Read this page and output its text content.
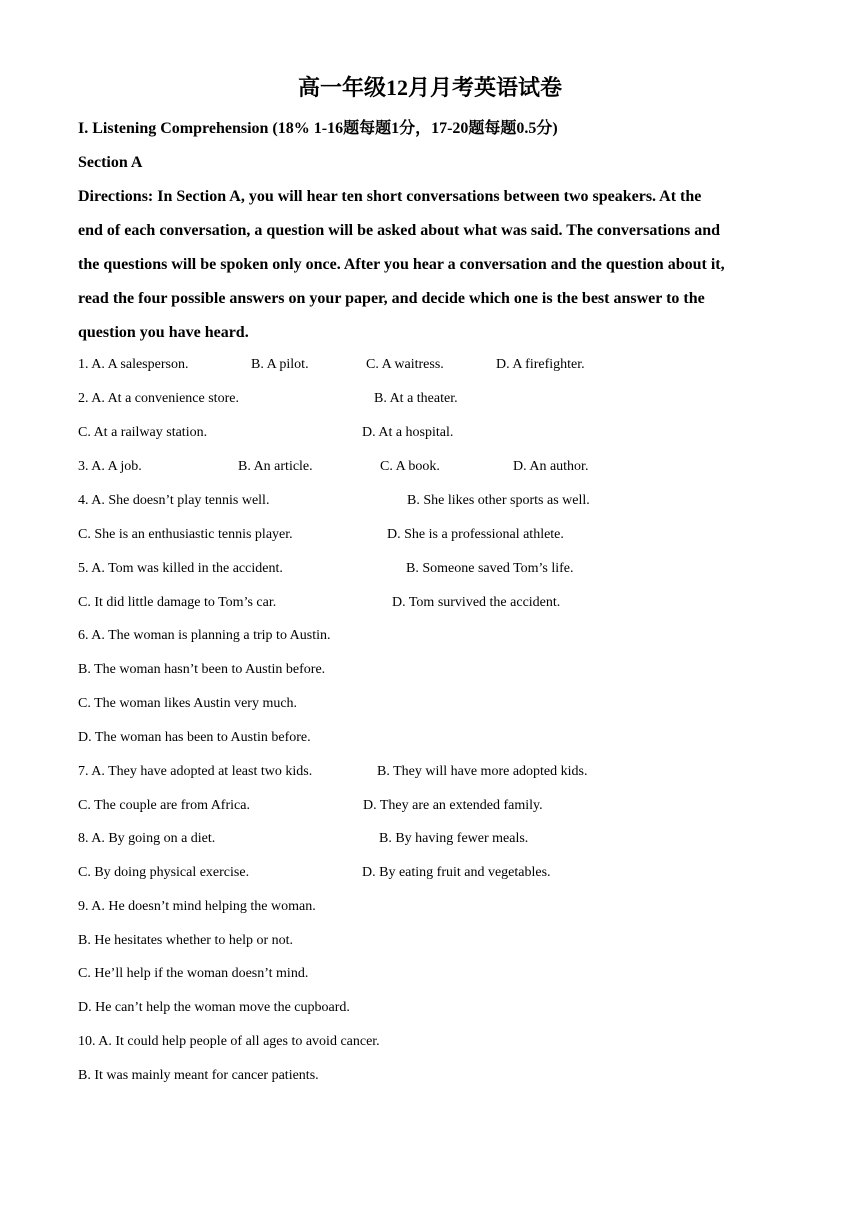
高一年级12月月考英语试卷
I. Listening Comprehension (18% 1-16题每题1分，17-20题每题0.5分)
Section A
Directions: In Section A, you will hear ten short conversations between two speakers. At the
end of each conversation, a question will be asked about what was said. The conversations and
the questions will be spoken only once. After you hear a conversation and the question about it,
read the four possible answers on your paper, and decide which one is the best answer to the
question you have heard.
1. A. A salesperson.	B. A pilot.	C. A waitress.	D. A firefighter.
2. A. At a convenience store.	B. At a theater.
C. At a railway station.	D. At a hospital.
3. A. A job.	B. An article.	C. A book.	D. An author.
4. A. She doesn’t play tennis well.	B. She likes other sports as well.
C. She is an enthusiastic tennis player.	D. She is a professional athlete.
5. A. Tom was killed in the accident.	B. Someone saved Tom’s life.
C. It did little damage to Tom’s car.	D. Tom survived the accident.
6. A. The woman is planning a trip to Austin.
B. The woman hasn’t been to Austin before.
C. The woman likes Austin very much.
D. The woman has been to Austin before.
7. A. They have adopted at least two kids.	B. They will have more adopted kids.
C. The couple are from Africa.	D. They are an extended family.
8. A. By going on a diet.	B. By having fewer meals.
C. By doing physical exercise.	D. By eating fruit and vegetables.
9. A. He doesn’t mind helping the woman.
B. He hesitates whether to help or not.
C. He’ll help if the woman doesn’t mind.
D. He can’t help the woman move the cupboard.
10. A. It could help people of all ages to avoid cancer.
B. It was mainly meant for cancer patients.
